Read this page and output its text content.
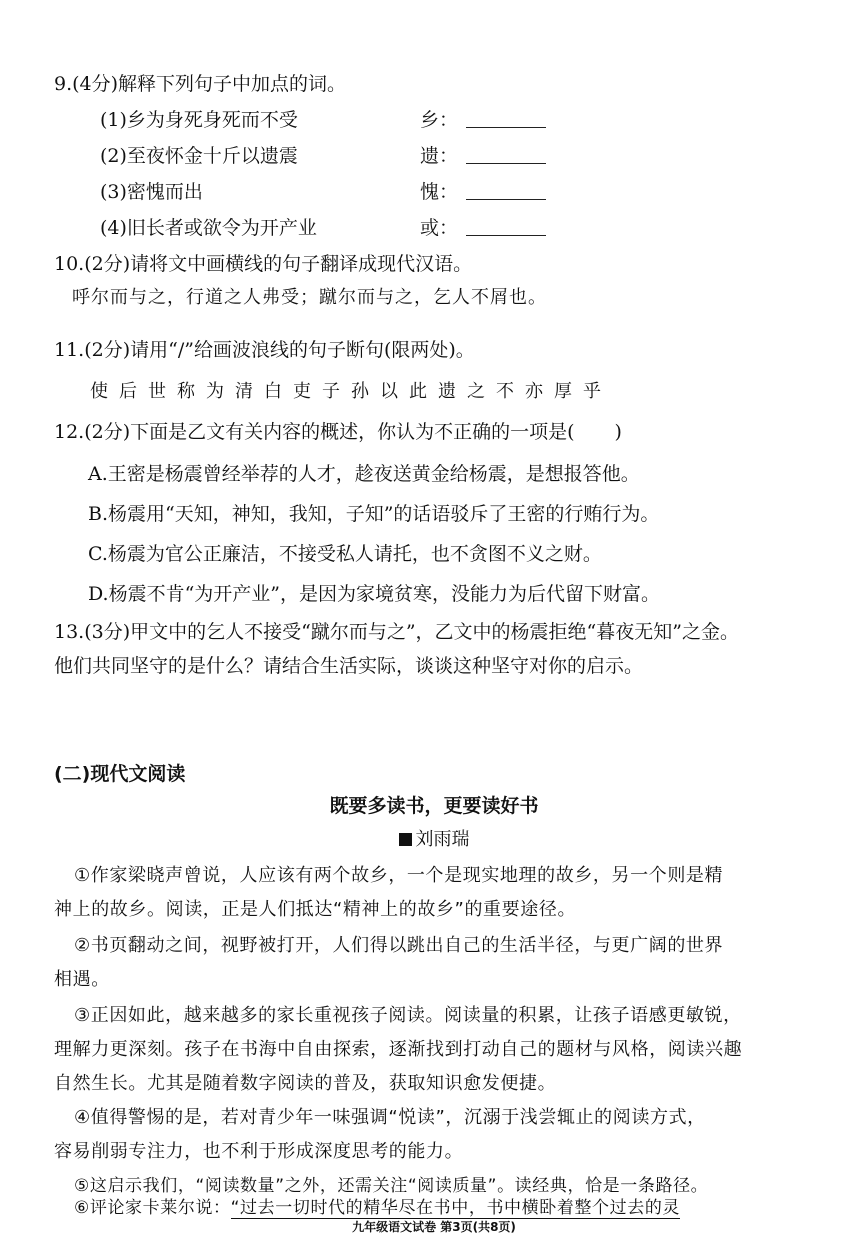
9.(4分)解释下列句子中加点的词。
(1)乡为身死身死而不受	乡：
(2)至夜怀金十斤以遗震	遗：
(3)密愧而出	愧：
(4)旧长者或欲令为开产业	或：
10.(2分)请将文中画横线的句子翻译成现代汉语。
呼尔而与之，行道之人弗受；蹴尔而与之，乞人不屑也。
11.(2分)请用“/”给画波浪线的句子断句(限两处)。
使后世称为清白吏子孙以此遗之不亦厚乎
12.(2分)下面是乙文有关内容的概述，你认为不正确的一项是( )
A.王密是杨震曾经举荐的人才，趁夜送黄金给杨震，是想报答他。
B.杨震用“天知，神知，我知，子知”的话语驳斥了王密的行贿行为。
C.杨震为官公正廉洁，不接受私人请托，也不贪图不义之财。
D.杨震不肯“为开产业”，是因为家境贫寒，没能力为后代留下财富。
13.(3分)甲文中的乞人不接受“蹴尔而与之”，乙文中的杨震拒绝“暮夜无知”之金。
他们共同坚守的是什么？请结合生活实际，谈谈这种坚守对你的启示。
(二)现代文阅读
既要多读书，更要读好书
刘雨瑞
①作家梁晓声曾说，人应该有两个故乡，一个是现实地理的故乡，另一个则是精
神上的故乡。阅读，正是人们抵达“精神上的故乡”的重要途径。
②书页翻动之间，视野被打开，人们得以跳出自己的生活半径，与更广阔的世界
相遇。
③正因如此，越来越多的家长重视孩子阅读。阅读量的积累，让孩子语感更敏锐，
理解力更深刻。孩子在书海中自由探索，逐渐找到打动自己的题材与风格，阅读兴趣
自然生长。尤其是随着数字阅读的普及，获取知识愈发便捷。
④值得警惕的是，若对青少年一味强调“悦读”，沉溺于浅尝辄止的阅读方式，
容易削弱专注力，也不利于形成深度思考的能力。
⑤这启示我们，“阅读数量”之外，还需关注“阅读质量”。读经典，恰是一条路径。
⑥评论家卡莱尔说：“过去一切时代的精华尽在书中，书中横卧着整个过去的灵
九年级语文试卷 第3页(共8页)
